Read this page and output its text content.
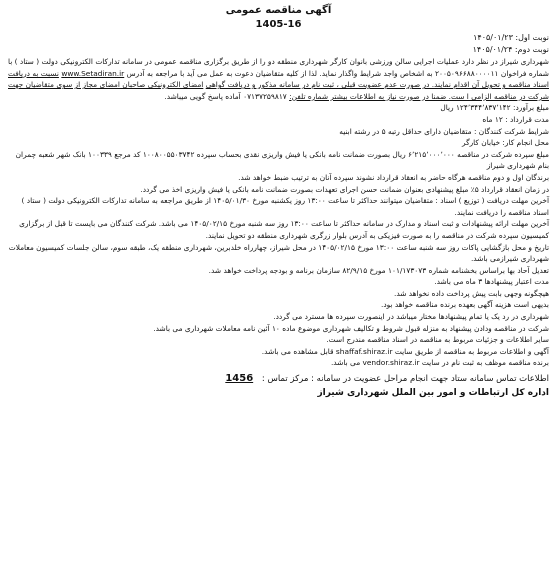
آگهی مناقصه عمومی
1405-16
نوبت اول: ۱۴۰۵/۰۱/۲۳
نوبت دوم: ۱۴۰۵/۰۱/۲۴

شهرداری شیراز در نظر دارد عملیات اجرایی سالن ورزشی بانوان کارگر شهرداری منطقه دو را از طریق برگزاری مناقصه عمومی در سامانه تدارکات الکترونیکی دولت ( ستاد ) با شماره فراخوان ۲۰۰۵۰۹۶۶۸۸۰۰۰۰۱۱ به اشخاص واجد شرایط واگذار نماید. لذا از کلیه متقاضیان دعوت به عمل می آید با مراجعه به آدرس www.Setadiran.ir نسبت به دریافت اسناد مناقصه و تحویل آن اقدام نمایند. در صورت عدم عضویت قبلی ، ثبت نام در سامانه مذکور و دریافت گواهی امضای الکترونیکی صاحبان امضای مجاز از سوی متقاضیان جهت شرکت در مناقصه الزامی ا ست. ضمنا در صورت نیاز به اطلاعات بیشتر شماره تلفن: ۰۷۱۳۷۲۵۹۸۱۷ آماده پاسخ گویی میباشد.

مبلغ برآورد: ۱۲۴٬۳۴۴٬۸۳۷٬۱۴۲ ریال

مدت قرارداد : ۱۲ ماه

شرایط شرکت کنندگان : متقاضیان دارای حداقل رتبه ۵ در رشته ابنیه

محل انجام کار: خیابان کارگر

مبلغ سپرده شرکت در مناقصه ۶٬۲۱۵٬۰۰۰٬۰۰۰ ریال بصورت ضمانت نامه بانکی یا فیش واریزی نقدی بحساب سپرده ۱۰۰۸۰۰۵۵۰۳۷۴۲ کد مرجع ۱۰۰۳۳۹ بانک شهر شعبه چمران بنام شهرداری شیراز

برندگان اول و دوم مناقصه هرگاه حاضر به انعقاد قرارداد نشوند سپرده آنان به ترتیب ضبط خواهد شد.

در زمان انعقاد قرارداد ۵٪ مبلغ پیشنهادی بعنوان ضمانت حسن اجرای تعهدات بصورت ضمانت نامه بانکی یا فیش واریزی اخذ می گردد.

آخرین مهلت دریافت ( توزیع ) اسناد : متقاضیان میتوانند حداکثر تا ساعت ۱۳:۰۰ روز یکشنبه مورخ ۱۴۰۵/۰۱/۳۰ از طریق مراجعه به سامانه تدارکات الکترونیکی دولت ( ستاد ) اسناد مناقصه را دریافت نمایند.

آخرین مهلت ارائه پیشنهادات و ثبت اسناد و مدارک در سامانه حداکثر تا ساعت ۱۳:۰۰ روز سه شنبه مورخ ۱۴۰۵/۰۲/۱۵ می باشد. شرکت کنندگان می بایست تا قبل از برگزاری کمیسیون سپرده شرکت در مناقصه را به صورت فیزیکی به آدرس بلوار زرگری شهرداری منطقه دو تحویل نمایند.

تاریخ و محل بازگشایی پاکات روز سه شنبه ساعت ۱۳:۰۰ مورخ ۱۴۰۵/۰۲/۱۵ در محل شیراز، چهارراه خلدبرین، شهرداری منطقه یک، طبقه سوم، سالن جلسات کمیسیون معاملات شهرداری شیرازمی باشد.

تعدیل آحاد بها براساس بخشنامه شماره ۱۰۱/۱۷۳۰۷۳ مورخ ۸۲/۹/۱۵ سازمان برنامه و بودجه پرداخت خواهد شد.

مدت اعتبار پیشنهادها ۳ ماه می باشد.

هیچگونه وجهی بابت پیش پرداخت داده نخواهد شد.

بدیهی است هزینه آگهی بعهده برنده مناقصه خواهد بود.

شهرداری در رد یک یا تمام پیشنهادها مختار میباشد در اینصورت سپرده ها مسترد می گردد.

شرکت در مناقصه ودادن پیشنهاد به منزله قبول شروط و تکالیف شهرداری موضوع ماده ۱۰ آئین نامه معاملات شهرداری می باشد.

سایر اطلاعات و جزئیات مربوط به مناقصه در اسناد مناقصه مندرج است.

آگهی و اطلاعات مربوط به مناقصه از طریق سایت shaffaf.shiraz.ir قابل مشاهده می باشد.

برنده مناقصه موظف به ثبت نام در سایت vendor.shiraz.ir می باشد.

اطلاعات تماس سامانه ستاد جهت انجام مراحل عضویت در سامانه : مرکز تماس : 1456
اداره کل ارتباطات و امور بین الملل شهرداری شیراز
